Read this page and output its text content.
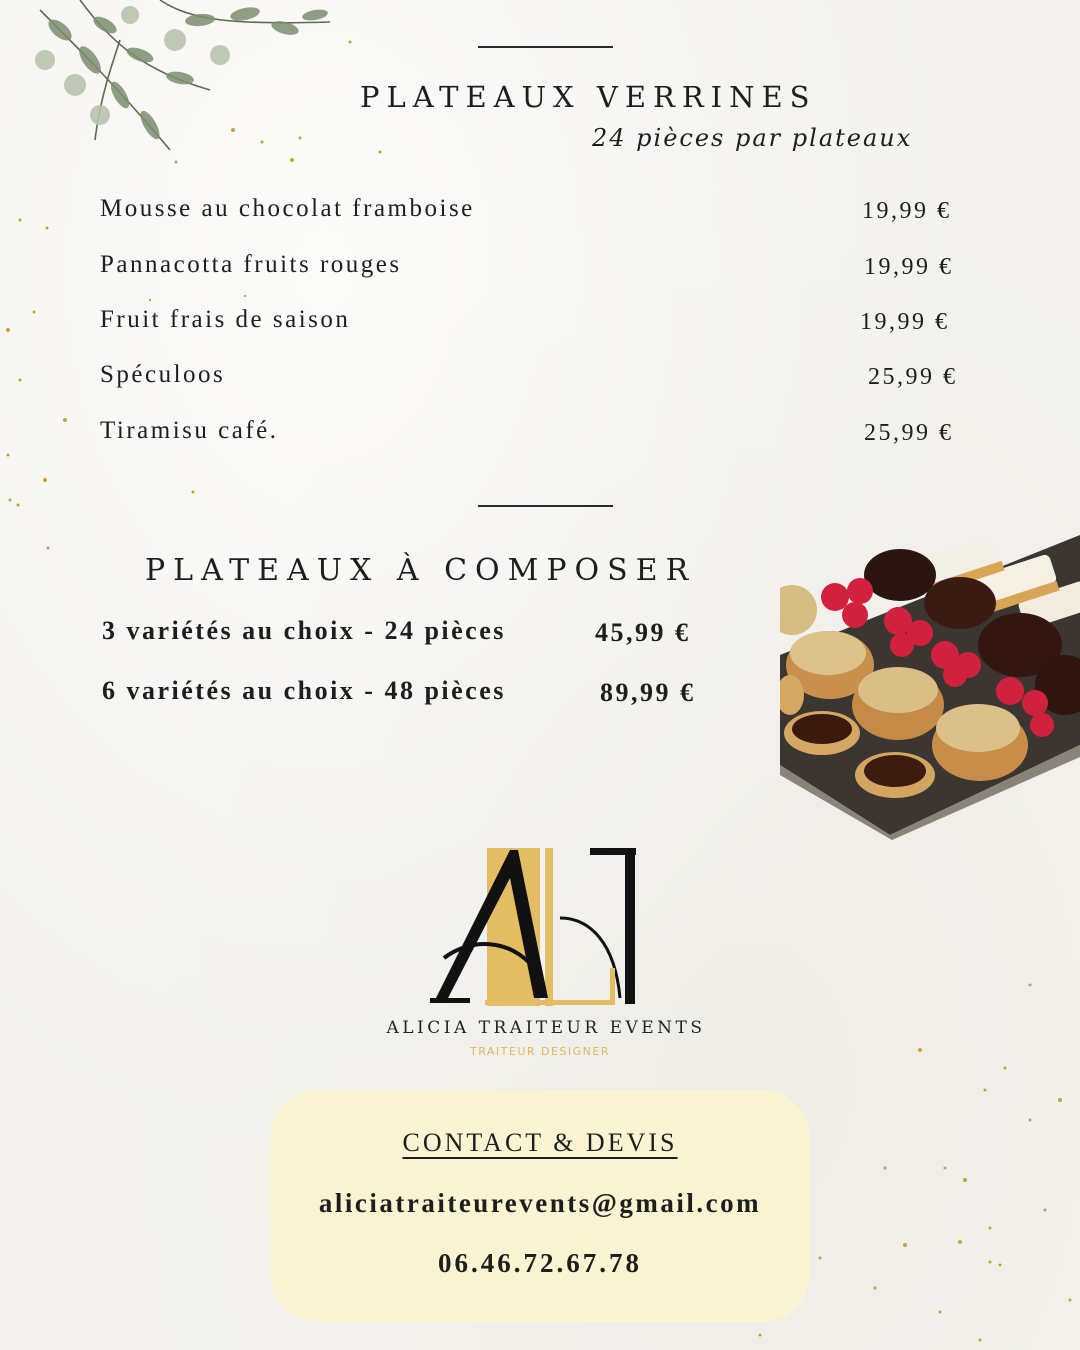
PLATEAUX VERRINES
24 pièces par plateaux
Mousse au chocolat framboise	19,99 €
Pannacotta fruits rouges	19,99 €
Fruit frais de saison	19,99 €
Spéculoos	25,99 €
Tiramisu café.	25,99 €
PLATEAUX À COMPOSER
3 variétés au choix - 24 pièces	45,99 €
6 variétés au choix - 48 pièces	89,99 €
ALICIA TRAITEUR EVENTS
TRAITEUR DESIGNER
CONTACT & DEVIS
aliciatraiteurevents@gmail.com
06.46.72.67.78
